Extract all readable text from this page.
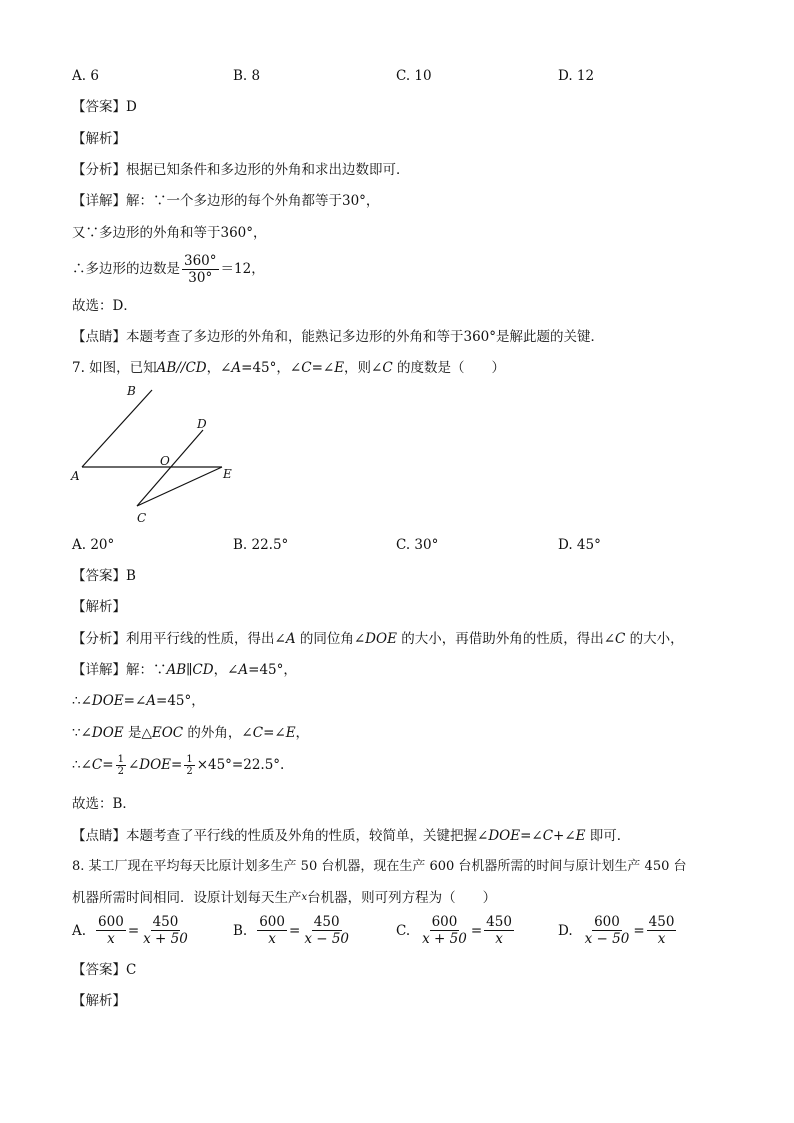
A. 6	B. 8	C. 10	D. 12
【答案】D
【解析】
【分析】根据已知条件和多边形的外角和求出边数即可．
【详解】解：∵一个多边形的每个外角都等于30°，
又∵多边形的外角和等于360°，
∴多边形的边数是 $\frac{360^\circ}{30^\circ} =12$，
故选：D．
【点睛】本题考查了多边形的外角和，能熟记多边形的外角和等于360°是解此题的关键．
7. 如图，已知AB//CD，∠A=45°，∠C=∠E，则∠C 的度数是（　　）
B
D
O
A	E
C
A. 20°	B. 22.5°	C. 30°	D. 45°
【答案】B
【解析】
【分析】利用平行线的性质，得出∠A 的同位角∠DOE 的大小，再借助外角的性质，得出∠C 的大小，
【详解】解：∵AB∥CD，∠A=45°，
∴∠DOE=∠A=45°，
∵∠DOE 是△EOC 的外角，∠C=∠E，
∴∠C= $\frac{1}{2}$ ∠DOE= $\frac{1}{2} \times 45^\circ=22.5^\circ$.
故选：B．
【点睛】本题考查了平行线的性质及外角的性质，较简单，关键把握∠DOE=∠C+∠E 即可．
8. 某工厂现在平均每天比原计划多生产 50 台机器，现在生产 600 台机器所需的时间与原计划生产 450 台
机器所需时间相同．设原计划每天生产$^x$台机器，则可列方程为（　　）
A. $\frac{600}{x} = \frac{450}{x + 50}$	B. $\frac{600}{x} = \frac{450}{x - 50}$	C. $\frac{600}{x + 50} = \frac{450}{x}$	D. $\frac{600}{x - 50} = \frac{450}{x}$
【答案】C
【解析】
